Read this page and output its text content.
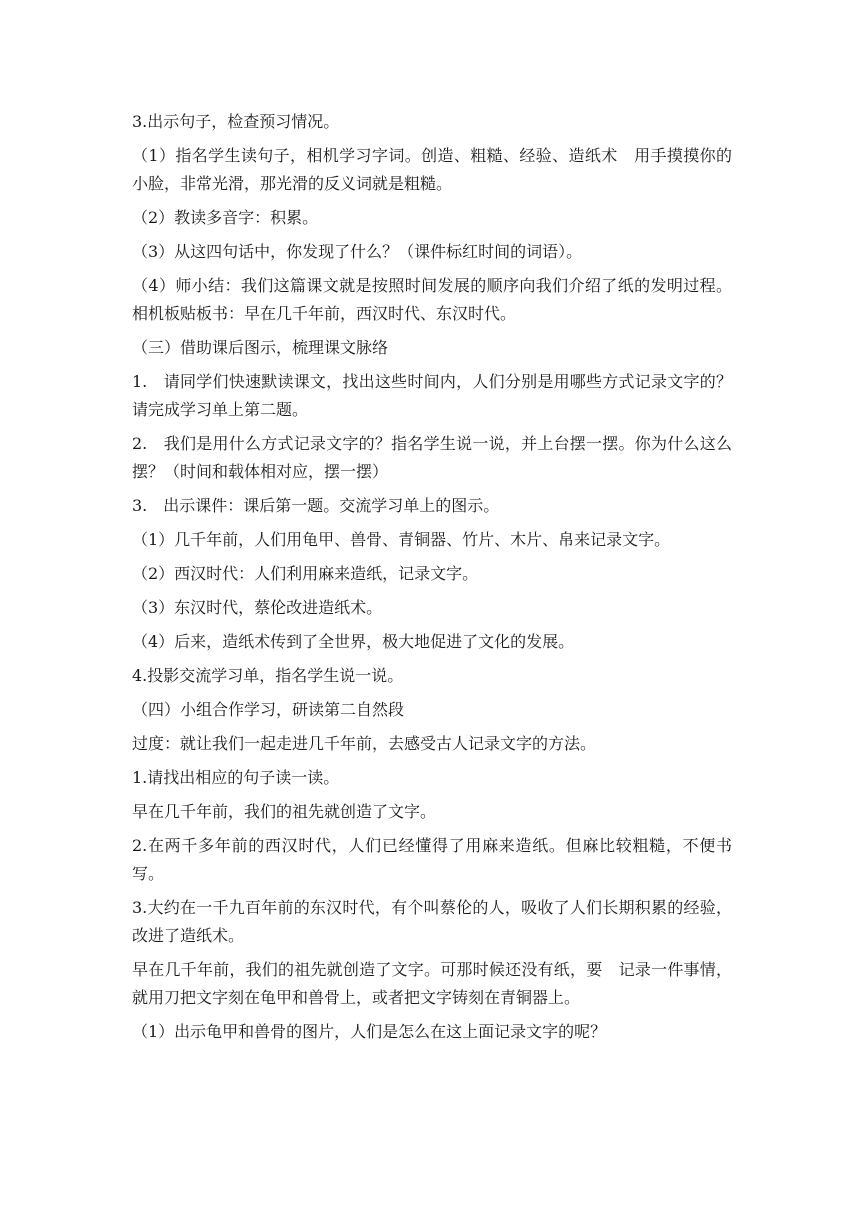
3.出示句子，检查预习情况。

（1）指名学生读句子，相机学习字词。创造、粗糙、经验、造纸术　用手摸摸你的小脸，非常光滑，那光滑的反义词就是粗糙。

（2）教读多音字：积累。

（3）从这四句话中，你发现了什么？（课件标红时间的词语）。

（4）师小结：我们这篇课文就是按照时间发展的顺序向我们介绍了纸的发明过程。相机板贴板书：早在几千年前，西汉时代、东汉时代。

（三）借助课后图示，梳理课文脉络

1.　请同学们快速默读课文，找出这些时间内，人们分别是用哪些方式记录文字的？请完成学习单上第二题。

2.　我们是用什么方式记录文字的？指名学生说一说，并上台摆一摆。你为什么这么摆？（时间和载体相对应，摆一摆）

3.　出示课件：课后第一题。交流学习单上的图示。

（1）几千年前，人们用龟甲、兽骨、青铜器、竹片、木片、帛来记录文字。

（2）西汉时代：人们利用麻来造纸，记录文字。

（3）东汉时代，蔡伦改进造纸术。

（4）后来，造纸术传到了全世界，极大地促进了文化的发展。

4.投影交流学习单，指名学生说一说。

（四）小组合作学习，研读第二自然段

过度：就让我们一起走进几千年前，去感受古人记录文字的方法。

1.请找出相应的句子读一读。

早在几千年前，我们的祖先就创造了文字。

2.在两千多年前的西汉时代，人们已经懂得了用麻来造纸。但麻比较粗糙，不便书写。

3.大约在一千九百年前的东汉时代，有个叫蔡伦的人，吸收了人们长期积累的经验，改进了造纸术。

早在几千年前，我们的祖先就创造了文字。可那时候还没有纸，要　记录一件事情，就用刀把文字刻在龟甲和兽骨上，或者把文字铸刻在青铜器上。

（1）出示龟甲和兽骨的图片，人们是怎么在这上面记录文字的呢？
